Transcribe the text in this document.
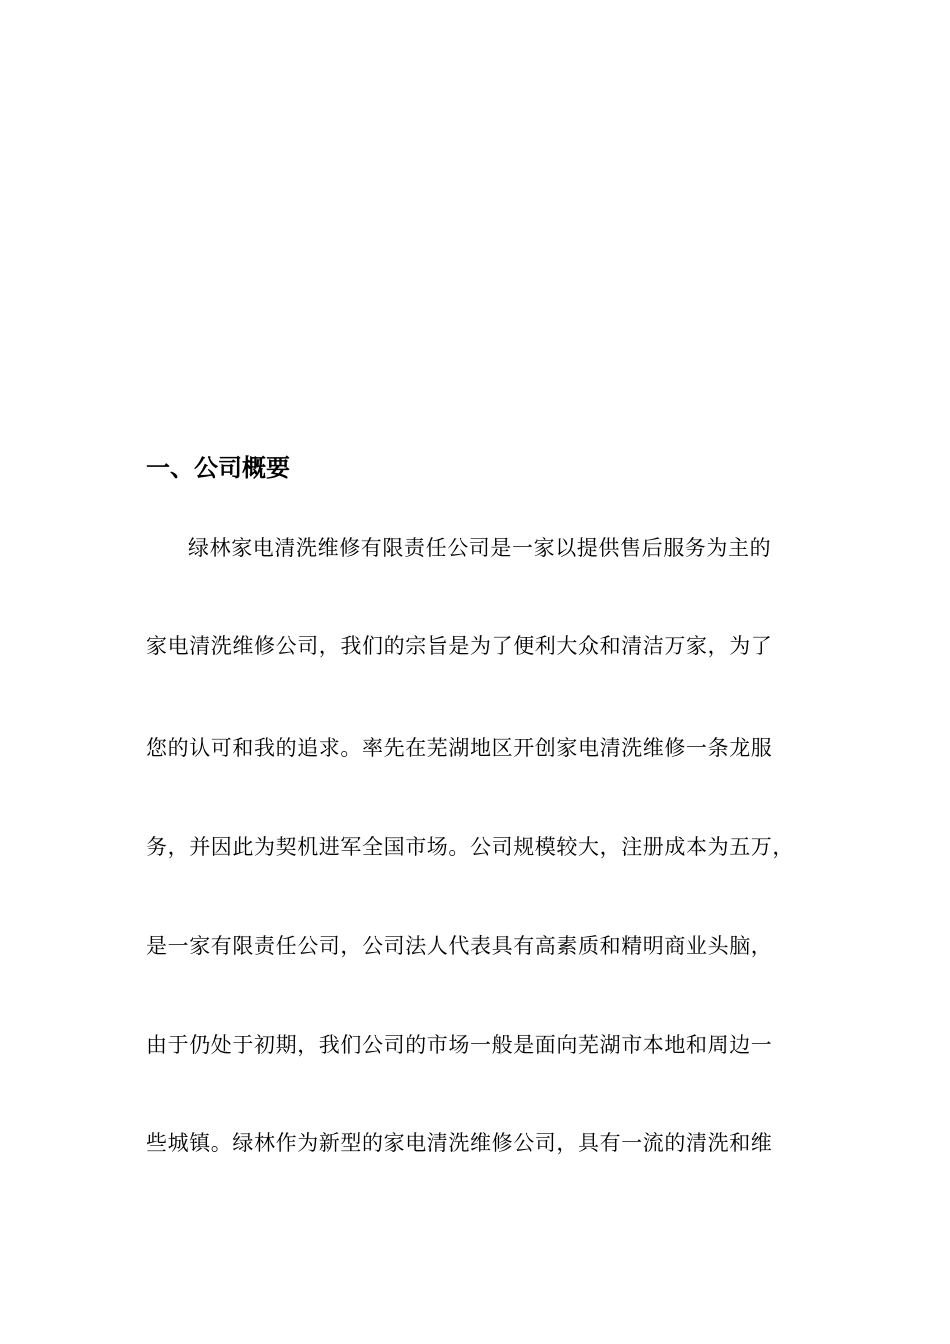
一、公司概要
绿林家电清洗维修有限责任公司是一家以提供售后服务为主的
家电清洗维修公司，我们的宗旨是为了便利大众和清洁万家，为了
您的认可和我的追求。率先在芜湖地区开创家电清洗维修一条龙服
务，并因此为契机进军全国市场。公司规模较大，注册成本为五万，
是一家有限责任公司，公司法人代表具有高素质和精明商业头脑，
由于仍处于初期，我们公司的市场一般是面向芜湖市本地和周边一
些城镇。绿林作为新型的家电清洗维修公司，具有一流的清洗和维
